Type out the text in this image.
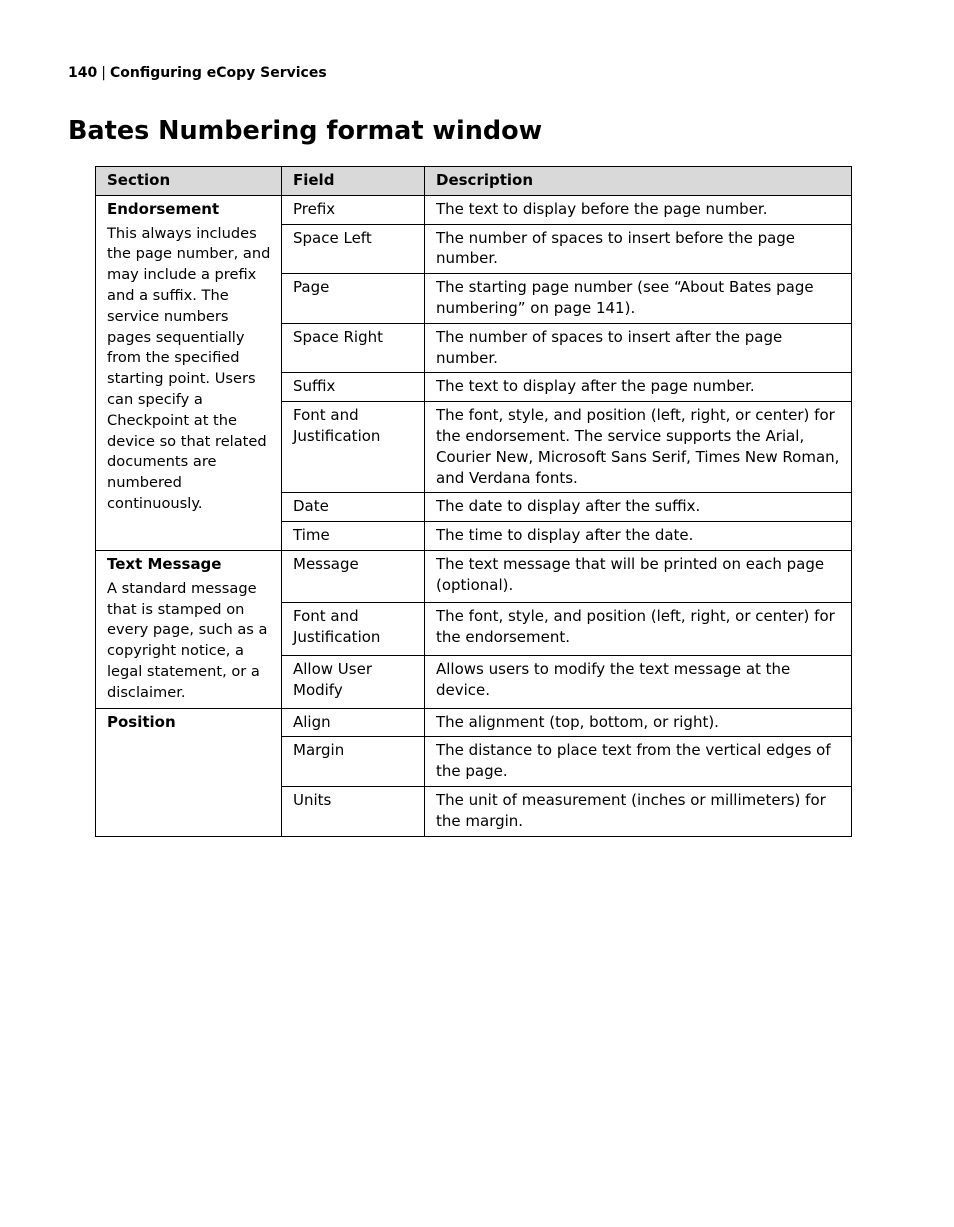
140 | Configuring eCopy Services
Bates Numbering format window
Section	Field	Description

Endorsement
This always includes the page number, and may include a prefix and a suffix. The service numbers pages sequentially from the specified starting point. Users can specify a Checkpoint at the device so that related documents are numbered continuously.	Prefix	The text to display before the page number.
	Space Left	The number of spaces to insert before the page number.
	Page	The starting page number (see “About Bates page numbering” on page 141).
	Space Right	The number of spaces to insert after the page number.
	Suffix	The text to display after the page number.
	Font and Justification	The font, style, and position (left, right, or center) for the endorsement. The service supports the Arial, Courier New, Microsoft Sans Serif, Times New Roman, and Verdana fonts.
	Date	The date to display after the suffix.
	Time	The time to display after the date.

Text Message
A standard message that is stamped on every page, such as a copyright notice, a legal statement, or a disclaimer.	Message	The text message that will be printed on each page (optional).
	Font and Justification	The font, style, and position (left, right, or center) for the endorsement.
	Allow User Modify	Allows users to modify the text message at the device.

Position	Align	The alignment (top, bottom, or right).
	Margin	The distance to place text from the vertical edges of the page.
	Units	The unit of measurement (inches or millimeters) for the margin.
